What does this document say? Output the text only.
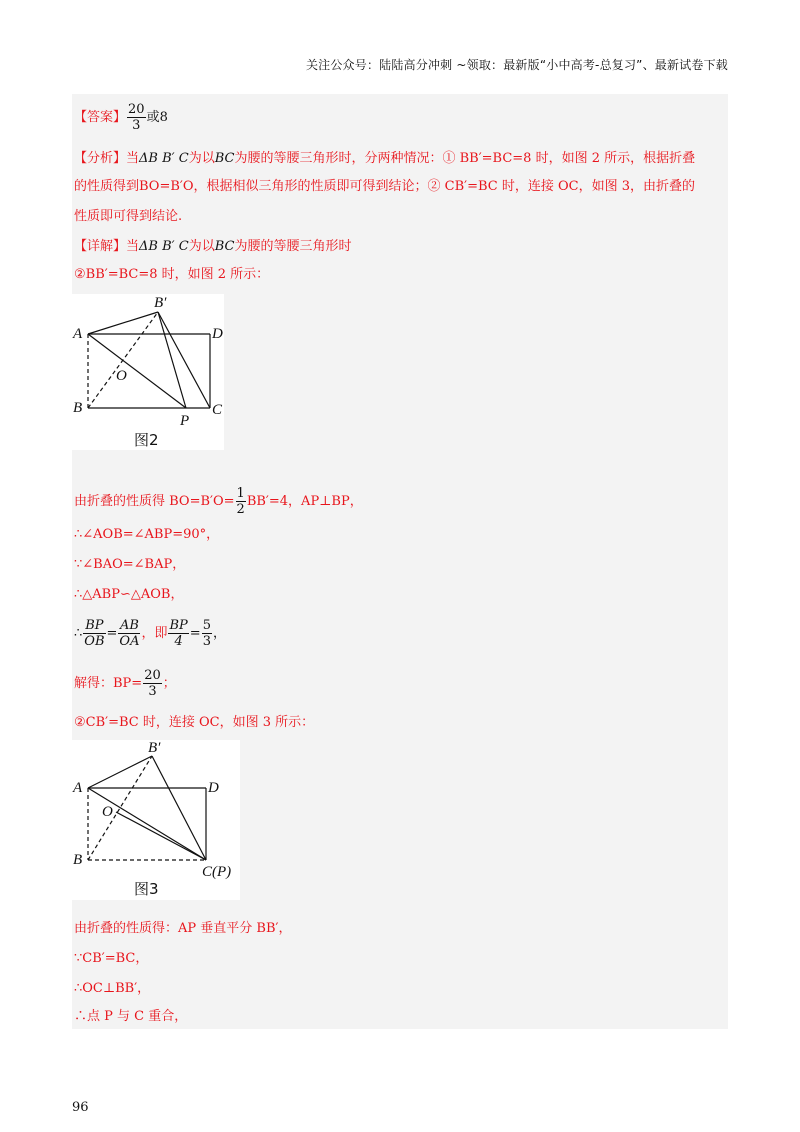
关注公众号：陆陆高分冲刺 ~领取：最新版“小中高考-总复习”、最新试卷下载
【答案】 $\frac{20}{3}$ 或8
【分析】当ΔB B′ C为以BC为腰的等腰三角形时，分两种情况：① BB′=BC=8 时，如图 2 所示，根据折叠
的性质得到BO=B′O，根据相似三角形的性质即可得到结论；② CB′=BC 时，连接 OC，如图 3，由折叠的
性质即可得到结论.
【详解】当ΔB B′ C为以BC为腰的等腰三角形时
②BB′=BC=8 时，如图 2 所示：
A
B
B′
D
C
O
P
图2
由折叠的性质得 $BO=B'O= \frac{1}{2} BB'=4$，AP⊥BP，
∴∠AOB=∠ABP=90°，
∵∠BAO=∠BAP，
∴△ABP∽△AOB，
∴ $\frac{BP}{OB} = \frac{AB}{OA}$ ，即 $\frac{BP}{4} = \frac{5}{3}$ ，
解得：$BP= \frac{20}{3}$ ；
②CB′=BC 时，连接 OC，如图 3 所示：
A
B
B′
D
C(P)
O
图3
由折叠的性质得：AP 垂直平分 BB′，
∵CB′=BC，
∴OC⊥BB′，
∴点 P 与 C 重合，
96
